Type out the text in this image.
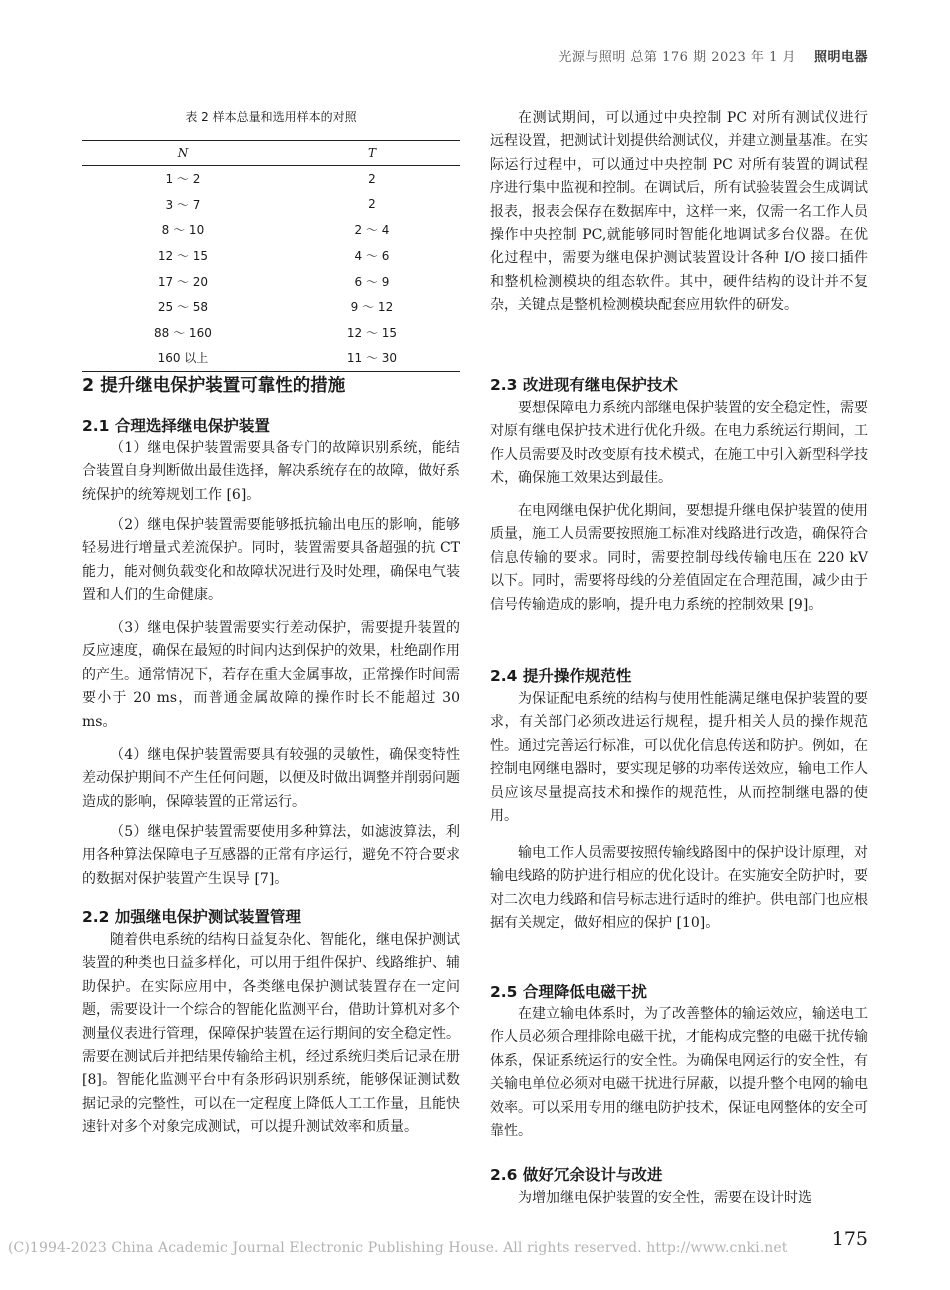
光源与照明 总第 176 期 2023 年 1 月 照明电器
表 2 样本总量和选用样本的对照
N	T
1 ～ 2	2
3 ～ 7	2
8 ～ 10	2 ～ 4
12 ～ 15	4 ～ 6
17 ～ 20	6 ～ 9
25 ～ 58	9 ～ 12
88 ～ 160	12 ～ 15
160 以上	11 ～ 30
2 提升继电保护装置可靠性的措施
2.1 合理选择继电保护装置

（1）继电保护装置需要具备专门的故障识别系统，能结合装置自身判断做出最佳选择，解决系统存在的故障，做好系统保护的统筹规划工作 [6]。

（2）继电保护装置需要能够抵抗输出电压的影响，能够轻易进行增量式差流保护。同时，装置需要具备超强的抗 CT 能力，能对侧负载变化和故障状况进行及时处理，确保电气装置和人们的生命健康。

（3）继电保护装置需要实行差动保护，需要提升装置的反应速度，确保在最短的时间内达到保护的效果，杜绝副作用的产生。通常情况下，若存在重大金属事故，正常操作时间需要小于 20 ms，而普通金属故障的操作时长不能超过 30 ms。

（4）继电保护装置需要具有较强的灵敏性，确保变特性差动保护期间不产生任何问题，以便及时做出调整并削弱问题造成的影响，保障装置的正常运行。

（5）继电保护装置需要使用多种算法，如滤波算法，利用各种算法保障电子互感器的正常有序运行，避免不符合要求的数据对保护装置产生误导 [7]。

2.2 加强继电保护测试装置管理

随着供电系统的结构日益复杂化、智能化，继电保护测试装置的种类也日益多样化，可以用于组件保护、线路维护、辅助保护。在实际应用中，各类继电保护测试装置存在一定问题，需要设计一个综合的智能化监测平台，借助计算机对多个测量仪表进行管理，保障保护装置在运行期间的安全稳定性。需要在测试后并把结果传输给主机，经过系统归类后记录在册 [8]。智能化监测平台中有条形码识别系统，能够保证测试数据记录的完整性，可以在一定程度上降低人工工作量，且能快速针对多个对象完成测试，可以提升测试效率和质量。

在测试期间，可以通过中央控制 PC 对所有测试仪进行远程设置，把测试计划提供给测试仪，并建立测量基准。在实际运行过程中，可以通过中央控制 PC 对所有装置的调试程序进行集中监视和控制。在调试后，所有试验装置会生成调试报表，报表会保存在数据库中，这样一来，仅需一名工作人员操作中央控制 PC,就能够同时智能化地调试多台仪器。在优化过程中，需要为继电保护测试装置设计各种 I/O 接口插件和整机检测模块的组态软件。其中，硬件结构的设计并不复杂，关键点是整机检测模块配套应用软件的研发。

2.3 改进现有继电保护技术

要想保障电力系统内部继电保护装置的安全稳定性，需要对原有继电保护技术进行优化升级。在电力系统运行期间，工作人员需要及时改变原有技术模式，在施工中引入新型科学技术，确保施工效果达到最佳。

在电网继电保护优化期间，要想提升继电保护装置的使用质量，施工人员需要按照施工标准对线路进行改造，确保符合信息传输的要求。同时，需要控制母线传输电压在 220 kV 以下。同时，需要将母线的分差值固定在合理范围，减少由于信号传输造成的影响，提升电力系统的控制效果 [9]。

2.4 提升操作规范性

为保证配电系统的结构与使用性能满足继电保护装置的要求，有关部门必须改进运行规程，提升相关人员的操作规范性。通过完善运行标准，可以优化信息传送和防护。例如，在控制电网继电器时，要实现足够的功率传送效应，输电工作人员应该尽量提高技术和操作的规范性，从而控制继电器的使用。

输电工作人员需要按照传输线路图中的保护设计原理，对输电线路的防护进行相应的优化设计。在实施安全防护时，要对二次电力线路和信号标志进行适时的维护。供电部门也应根据有关规定，做好相应的保护 [10]。

2.5 合理降低电磁干扰

在建立输电体系时，为了改善整体的输运效应，输送电工作人员必须合理排除电磁干扰，才能构成完整的电磁干扰传输体系，保证系统运行的安全性。为确保电网运行的安全性，有关输电单位必须对电磁干扰进行屏蔽，以提升整个电网的输电效率。可以采用专用的继电防护技术，保证电网整体的安全可靠性。

2.6 做好冗余设计与改进

为增加继电保护装置的安全性，需要在设计时选

(C)1994-2023 China Academic Journal Electronic Publishing House. All rights reserved. http://www.cnki.net 175
